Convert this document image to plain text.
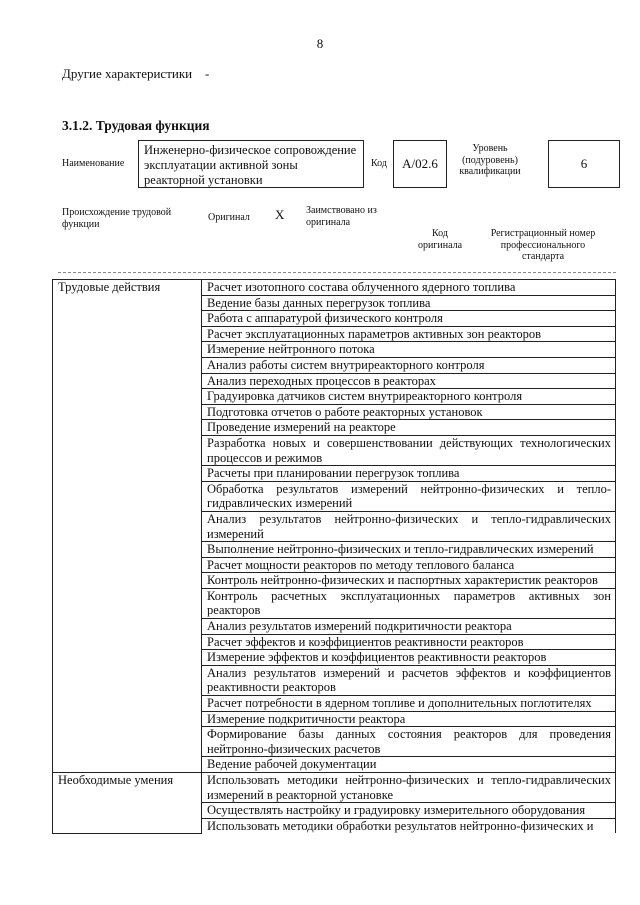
8
Другие характеристики -
3.1.2. Трудовая функция
Наименование
Инженерно-физическое сопровождение эксплуатации активной зоны реакторной установки
Код	A/02.6
Уровень (подуровень) квалификации
6
Происхождение трудовой функции
Оригинал X Заимствовано из оригинала
Код оригинала
Регистрационный номер профессионального стандарта
Трудовые действия	Расчет изотопного состава облученного ядерного топлива
	Ведение базы данных перегрузок топлива
	Работа с аппаратурой физического контроля
	Расчет эксплуатационных параметров активных зон реакторов
	Измерение нейтронного потока
	Анализ работы систем внутриреакторного контроля
	Анализ переходных процессов в реакторах
	Градуировка датчиков систем внутриреакторного контроля
	Подготовка отчетов о работе реакторных установок
	Проведение измерений на реакторе
	Разработка новых и совершенствовании действующих технологических процессов и режимов
	Расчеты при планировании перегрузок топлива
	Обработка результатов измерений нейтронно-физических и тепло-гидравлических измерений
	Анализ результатов нейтронно-физических и тепло-гидравлических измерений
	Выполнение нейтронно-физических и тепло-гидравлических измерений
	Расчет мощности реакторов по методу теплового баланса
	Контроль нейтронно-физических и паспортных характеристик реакторов
	Контроль расчетных эксплуатационных параметров активных зон реакторов
	Анализ результатов измерений подкритичности реактора
	Расчет эффектов и коэффициентов реактивности реакторов
	Измерение эффектов и коэффициентов реактивности реакторов
	Анализ результатов измерений и расчетов эффектов и коэффициентов реактивности реакторов
	Расчет потребности в ядерном топливе и дополнительных поглотителях
	Измерение подкритичности реактора
	Формирование базы данных состояния реакторов для проведения нейтронно-физических расчетов
	Ведение рабочей документации
Необходимые умения	Использовать методики нейтронно-физических и тепло-гидравлических измерений в реакторной установке
	Осуществлять настройку и градуировку измерительного оборудования
	Использовать методики обработки результатов нейтронно-физических и
